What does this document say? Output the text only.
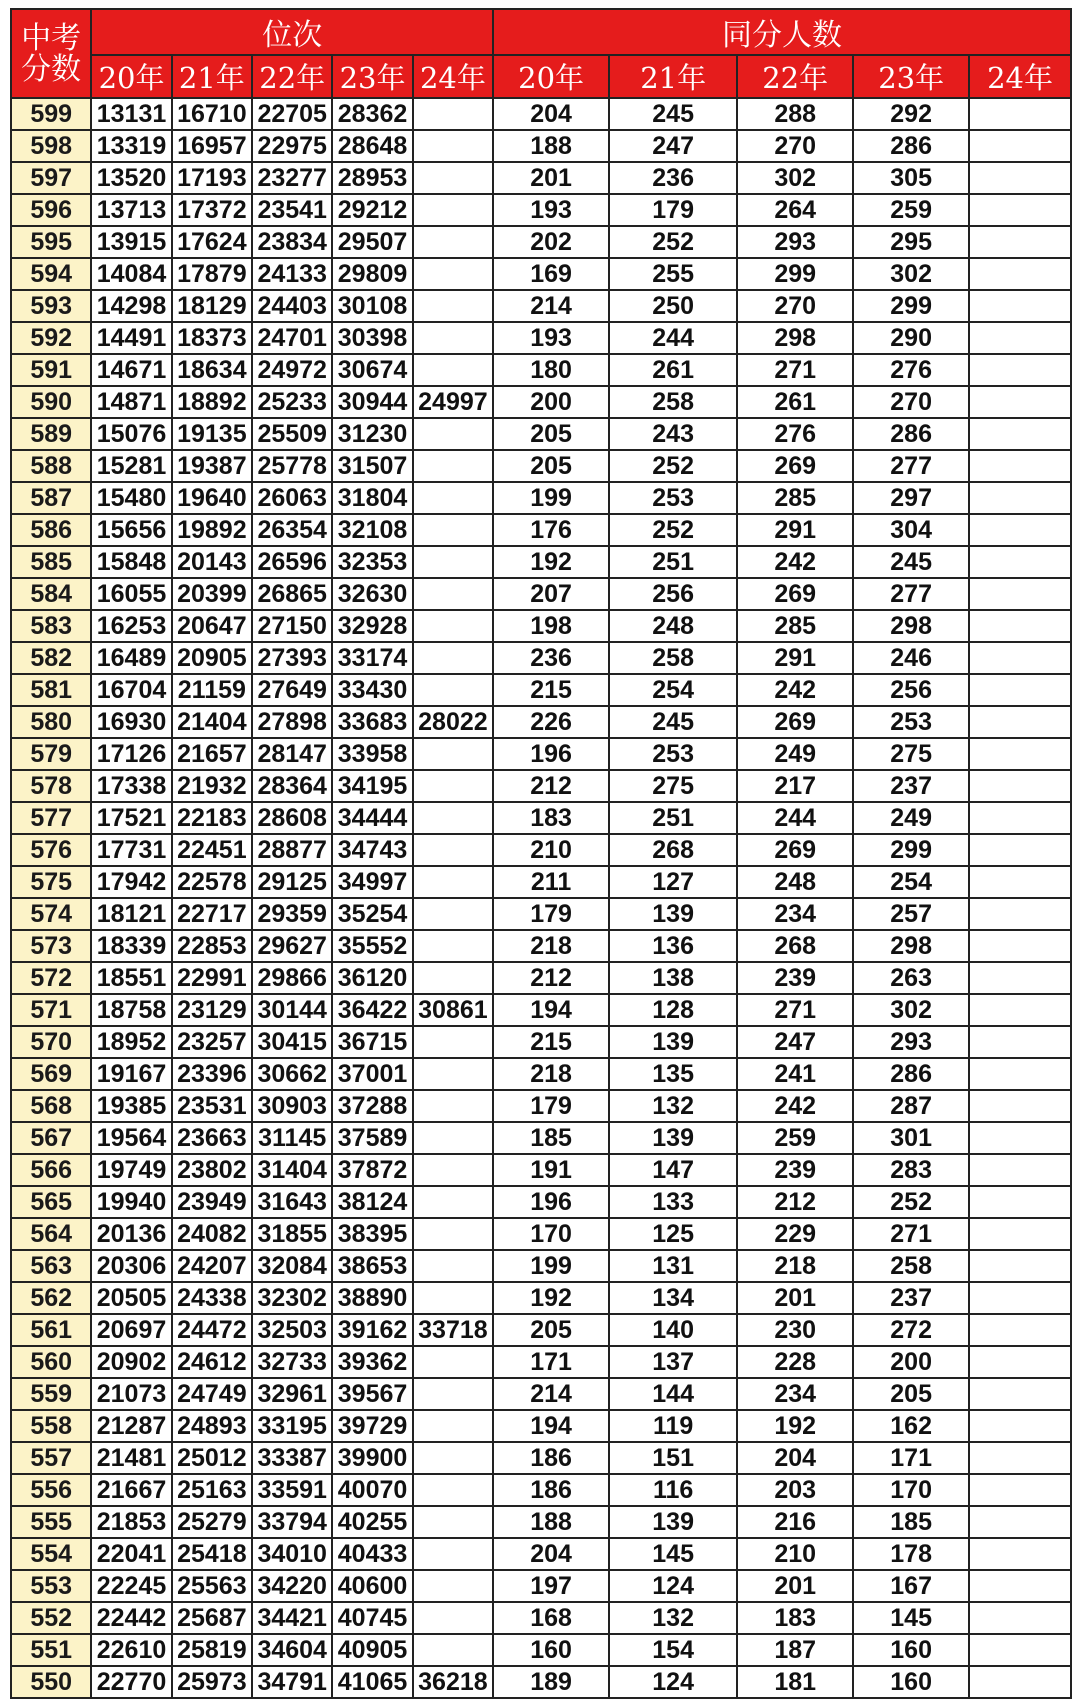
中考
分数	位次					同分人数				
	20年	21年	22年	23年	24年	20年	21年	22年	23年	24年
599	13131	16710	22705	28362		204	245	288	292	
598	13319	16957	22975	28648		188	247	270	286	
597	13520	17193	23277	28953		201	236	302	305	
596	13713	17372	23541	29212		193	179	264	259	
595	13915	17624	23834	29507		202	252	293	295	
594	14084	17879	24133	29809		169	255	299	302	
593	14298	18129	24403	30108		214	250	270	299	
592	14491	18373	24701	30398		193	244	298	290	
591	14671	18634	24972	30674		180	261	271	276	
590	14871	18892	25233	30944	24997	200	258	261	270	
589	15076	19135	25509	31230		205	243	276	286	
588	15281	19387	25778	31507		205	252	269	277	
587	15480	19640	26063	31804		199	253	285	297	
586	15656	19892	26354	32108		176	252	291	304	
585	15848	20143	26596	32353		192	251	242	245	
584	16055	20399	26865	32630		207	256	269	277	
583	16253	20647	27150	32928		198	248	285	298	
582	16489	20905	27393	33174		236	258	291	246	
581	16704	21159	27649	33430		215	254	242	256	
580	16930	21404	27898	33683	28022	226	245	269	253	
579	17126	21657	28147	33958		196	253	249	275	
578	17338	21932	28364	34195		212	275	217	237	
577	17521	22183	28608	34444		183	251	244	249	
576	17731	22451	28877	34743		210	268	269	299	
575	17942	22578	29125	34997		211	127	248	254	
574	18121	22717	29359	35254		179	139	234	257	
573	18339	22853	29627	35552		218	136	268	298	
572	18551	22991	29866	36120		212	138	239	263	
571	18758	23129	30144	36422	30861	194	128	271	302	
570	18952	23257	30415	36715		215	139	247	293	
569	19167	23396	30662	37001		218	135	241	286	
568	19385	23531	30903	37288		179	132	242	287	
567	19564	23663	31145	37589		185	139	259	301	
566	19749	23802	31404	37872		191	147	239	283	
565	19940	23949	31643	38124		196	133	212	252	
564	20136	24082	31855	38395		170	125	229	271	
563	20306	24207	32084	38653		199	131	218	258	
562	20505	24338	32302	38890		192	134	201	237	
561	20697	24472	32503	39162	33718	205	140	230	272	
560	20902	24612	32733	39362		171	137	228	200	
559	21073	24749	32961	39567		214	144	234	205	
558	21287	24893	33195	39729		194	119	192	162	
557	21481	25012	33387	39900		186	151	204	171	
556	21667	25163	33591	40070		186	116	203	170	
555	21853	25279	33794	40255		188	139	216	185	
554	22041	25418	34010	40433		204	145	210	178	
553	22245	25563	34220	40600		197	124	201	167	
552	22442	25687	34421	40745		168	132	183	145	
551	22610	25819	34604	40905		160	154	187	160	
550	22770	25973	34791	41065	36218	189	124	181	160	
